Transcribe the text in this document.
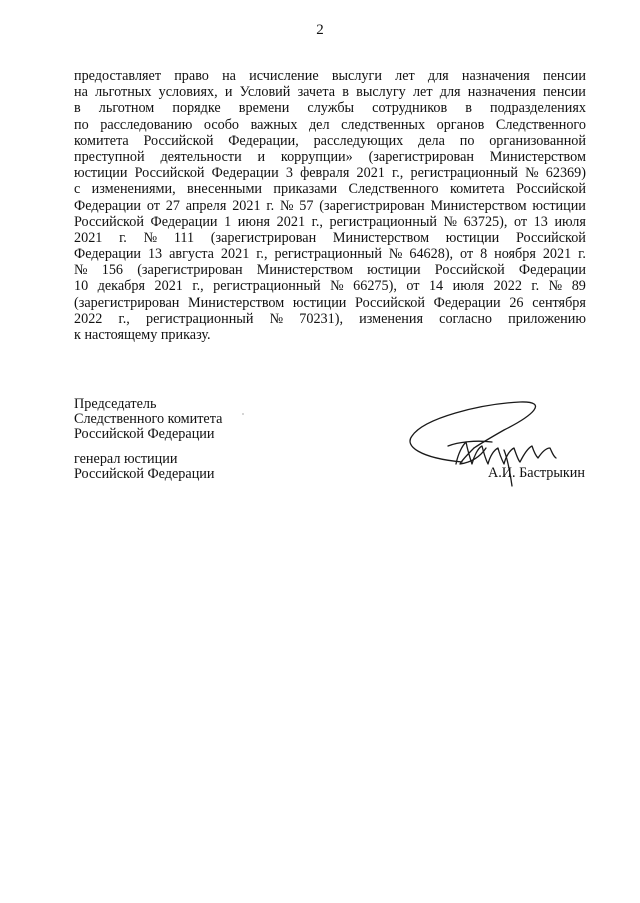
2
предоставляет право на исчисление выслуги лет для назначения пенсии
на льготных условиях, и Условий зачета в выслугу лет для назначения пенсии
в льготном порядке времени службы сотрудников в подразделениях
по расследованию особо важных дел следственных органов Следственного
комитета Российской Федерации, расследующих дела по организованной
преступной деятельности и коррупции» (зарегистрирован Министерством
юстиции Российской Федерации 3 февраля 2021 г., регистрационный № 62369)
с изменениями, внесенными приказами Следственного комитета Российской
Федерации от 27 апреля 2021 г. № 57 (зарегистрирован Министерством юстиции
Российской Федерации 1 июня 2021 г., регистрационный № 63725), от 13 июля
2021 г. № 111 (зарегистрирован Министерством юстиции Российской
Федерации 13 августа 2021 г., регистрационный № 64628), от 8 ноября 2021 г.
№ 156 (зарегистрирован Министерством юстиции Российской Федерации
10 декабря 2021 г., регистрационный № 66275), от 14 июля 2022 г. № 89
(зарегистрирован Министерством юстиции Российской Федерации 26 сентября
2022 г., регистрационный № 70231), изменения согласно приложению
к настоящему приказу.
Председатель
Следственного комитета
Российской Федерации
генерал юстиции
Российской Федерации	А.И. Бастрыкин
